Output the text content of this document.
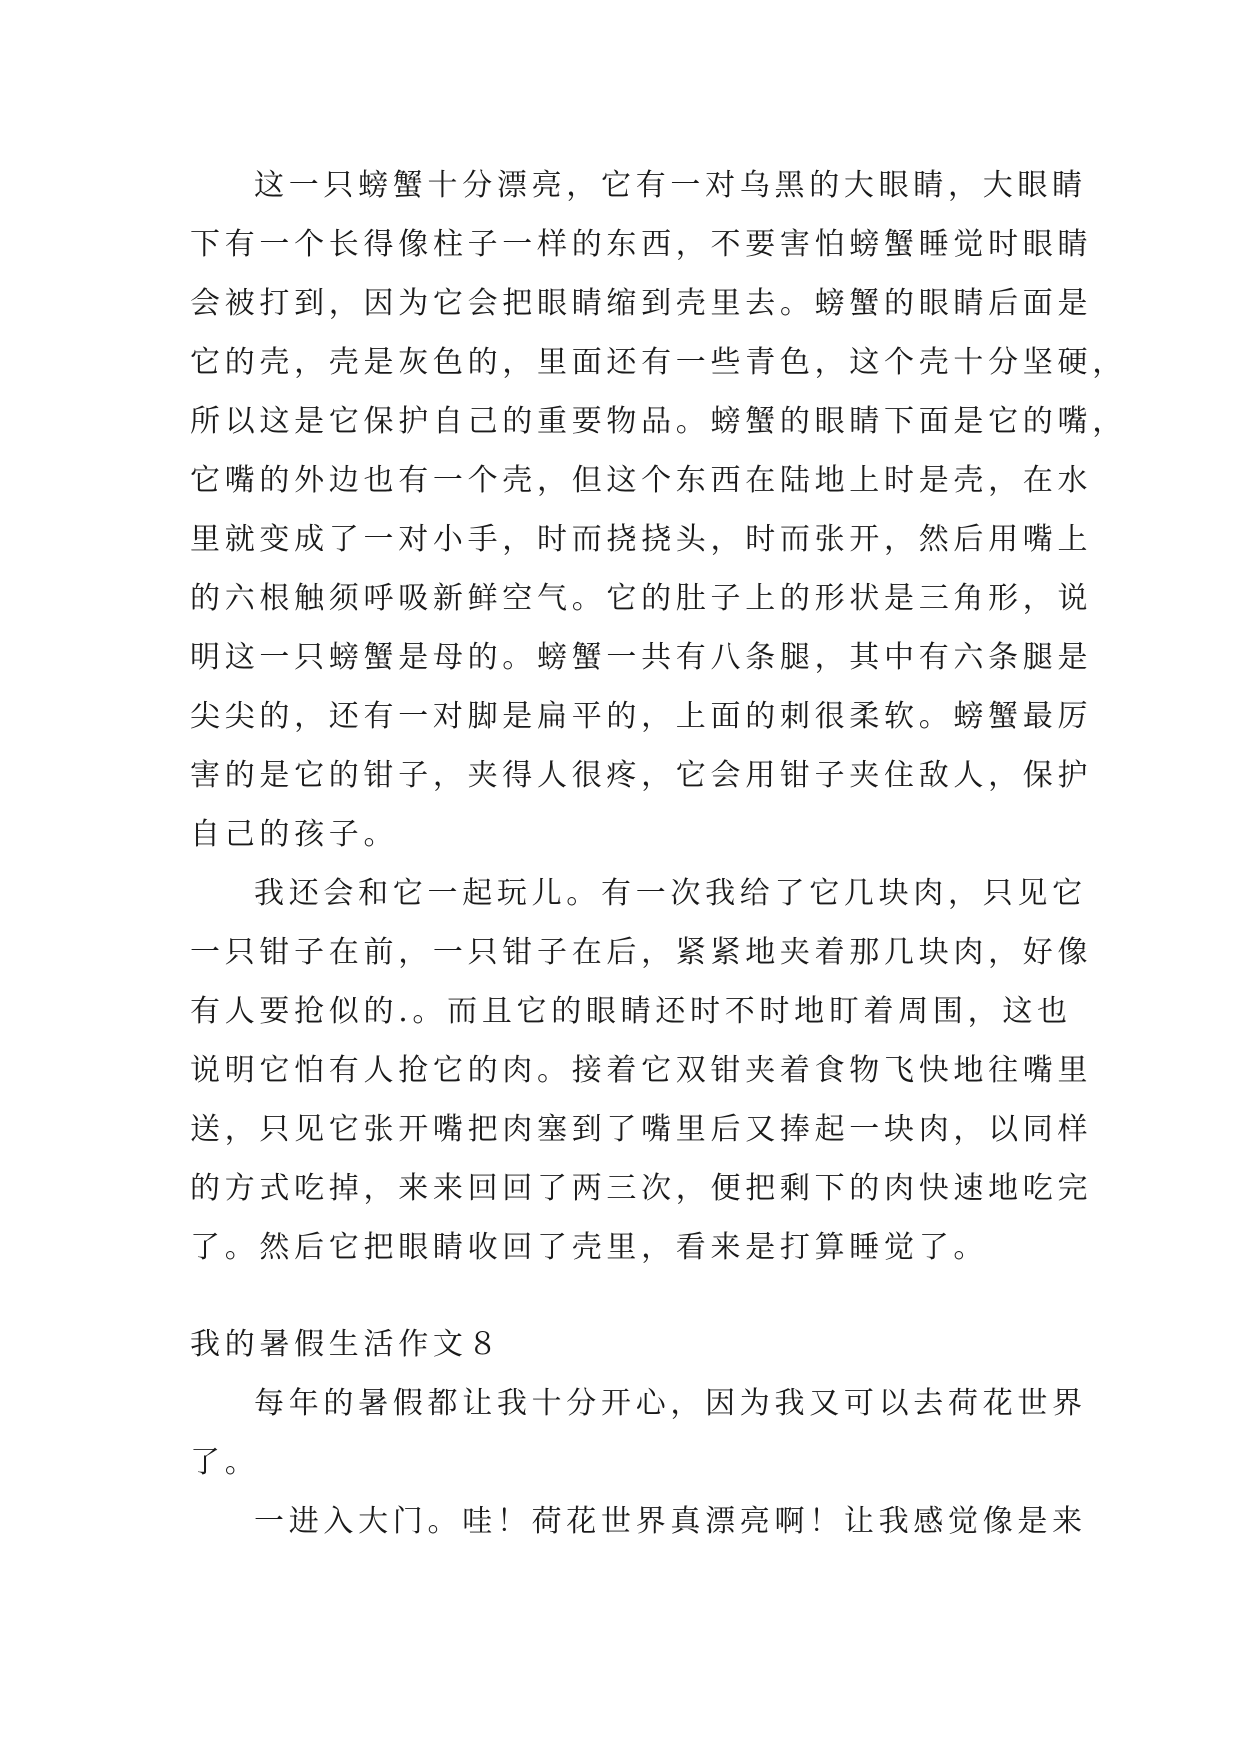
这一只螃蟹十分漂亮，它有一对乌黑的大眼睛，大眼睛
下有一个长得像柱子一样的东西，不要害怕螃蟹睡觉时眼睛
会被打到，因为它会把眼睛缩到壳里去。螃蟹的眼睛后面是
它的壳，壳是灰色的，里面还有一些青色，这个壳十分坚硬，
所以这是它保护自己的重要物品。螃蟹的眼睛下面是它的嘴，
它嘴的外边也有一个壳，但这个东西在陆地上时是壳，在水
里就变成了一对小手，时而挠挠头，时而张开，然后用嘴上
的六根触须呼吸新鲜空气。它的肚子上的形状是三角形，说
明这一只螃蟹是母的。螃蟹一共有八条腿，其中有六条腿是
尖尖的，还有一对脚是扁平的，上面的刺很柔软。螃蟹最厉
害的是它的钳子，夹得人很疼，它会用钳子夹住敌人，保护
自己的孩子。
我还会和它一起玩儿。有一次我给了它几块肉，只见它
一只钳子在前，一只钳子在后，紧紧地夹着那几块肉，好像
有人要抢似的.。而且它的眼睛还时不时地盯着周围，这也
说明它怕有人抢它的肉。接着它双钳夹着食物飞快地往嘴里
送，只见它张开嘴把肉塞到了嘴里后又捧起一块肉，以同样
的方式吃掉，来来回回了两三次，便把剩下的肉快速地吃完
了。然后它把眼睛收回了壳里，看来是打算睡觉了。
我的暑假生活作文８
每年的暑假都让我十分开心，因为我又可以去荷花世界
了。
一进入大门。哇！荷花世界真漂亮啊！让我感觉像是来
